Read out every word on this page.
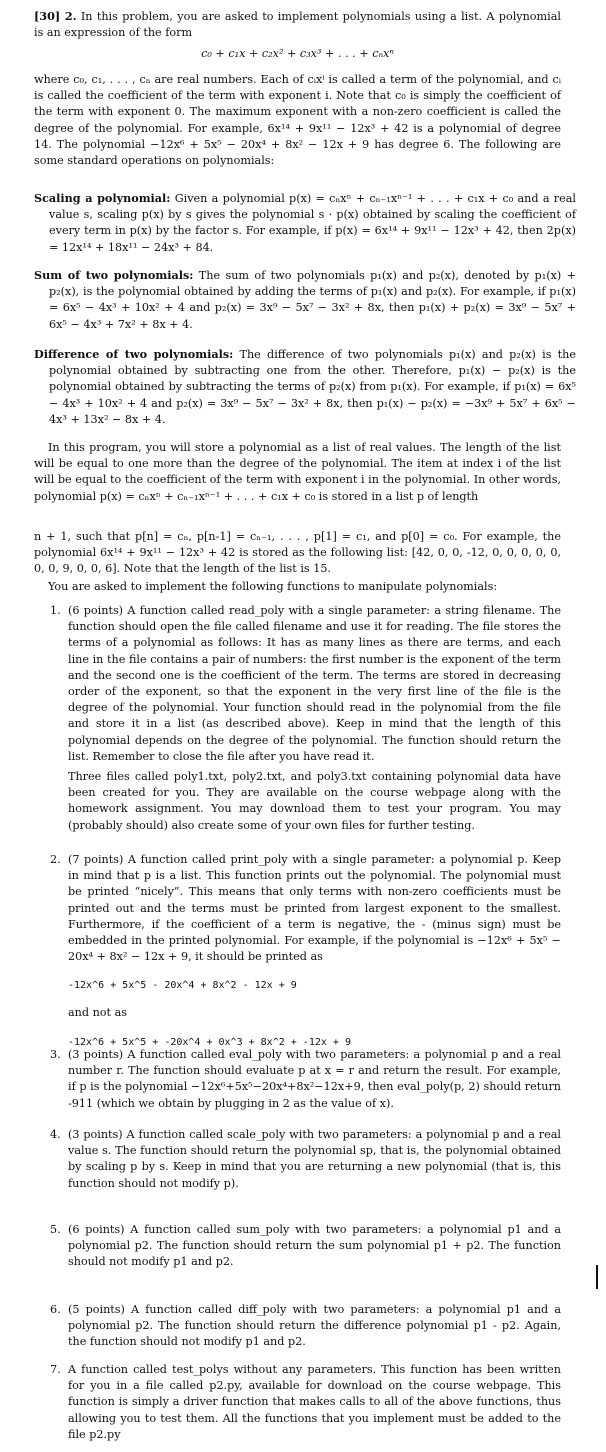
[30] 2. In this problem, you are asked to implement polynomials using a list. A polynomial is an expression of the form
c₀ + c₁x + c₂x² + c₃x³ + . . . + cₙxⁿ
where c₀, c₁, . . . , cₙ are real numbers. Each of cᵢxⁱ is called a term of the polynomial, and cᵢ is called the coefficient of the term with exponent i. Note that c₀ is simply the coefficient of the term with exponent 0. The maximum exponent with a non-zero coefficient is called the degree of the polynomial. For example, 6x¹⁴ + 9x¹¹ − 12x³ + 42 is a polynomial of degree 14. The polynomial −12x⁶ + 5x⁵ − 20x⁴ + 8x² − 12x + 9 has degree 6. The following are some standard operations on polynomials:
Scaling a polynomial: Given a polynomial p(x) = cₙxⁿ + cₙ₋₁xⁿ⁻¹ + . . . + c₁x + c₀ and a real value s, scaling p(x) by s gives the polynomial s · p(x) obtained by scaling the coefficient of every term in p(x) by the factor s. For example, if p(x) = 6x¹⁴ + 9x¹¹ − 12x³ + 42, then 2p(x) = 12x¹⁴ + 18x¹¹ − 24x³ + 84.
Sum of two polynomials: The sum of two polynomials p₁(x) and p₂(x), denoted by p₁(x) + p₂(x), is the polynomial obtained by adding the terms of p₁(x) and p₂(x). For example, if p₁(x) = 6x⁵ − 4x³ + 10x² + 4 and p₂(x) = 3x⁹ − 5x⁷ − 3x² + 8x, then p₁(x) + p₂(x) = 3x⁹ − 5x⁷ + 6x⁵ − 4x³ + 7x² + 8x + 4.
Difference of two polynomials: The difference of two polynomials p₁(x) and p₂(x) is the polynomial obtained by subtracting one from the other. Therefore, p₁(x) − p₂(x) is the polynomial obtained by subtracting the terms of p₂(x) from p₁(x). For example, if p₁(x) = 6x⁵ − 4x³ + 10x² + 4 and p₂(x) = 3x⁹ − 5x⁷ − 3x² + 8x, then p₁(x) − p₂(x) = −3x⁹ + 5x⁷ + 6x⁵ − 4x³ + 13x² − 8x + 4.
In this program, you will store a polynomial as a list of real values. The length of the list will be equal to one more than the degree of the polynomial. The item at index i of the list will be equal to the coefficient of the term with exponent i in the polynomial. In other words, polynomial p(x) = cₙxⁿ + cₙ₋₁xⁿ⁻¹ + . . . + c₁x + c₀ is stored in a list p of length
n + 1, such that p[n] = cₙ, p[n-1] = cₙ₋₁, . . . , p[1] = c₁, and p[0] = c₀. For example, the polynomial 6x¹⁴ + 9x¹¹ − 12x³ + 42 is stored as the following list: [42, 0, 0, -12, 0, 0, 0, 0, 0, 0, 0, 9, 0, 0, 6]. Note that the length of the list is 15.
You are asked to implement the following functions to manipulate polynomials:
1. (6 points) A function called read_poly with a single parameter: a string filename. The function should open the file called filename and use it for reading. The file stores the terms of a polynomial as follows: It has as many lines as there are terms, and each line in the file contains a pair of numbers: the first number is the exponent of the term and the second one is the coefficient of the term. The terms are stored in decreasing order of the exponent, so that the exponent in the very first line of the file is the degree of the polynomial. Your function should read in the polynomial from the file and store it in a list (as described above). Keep in mind that the length of this polynomial depends on the degree of the polynomial. The function should return the list. Remember to close the file after you have read it.
Three files called poly1.txt, poly2.txt, and poly3.txt containing polynomial data have been created for you. They are available on the course webpage along with the homework assignment. You may download them to test your program. You may (probably should) also create some of your own files for further testing.
2. (7 points) A function called print_poly with a single parameter: a polynomial p. Keep in mind that p is a list. This function prints out the polynomial. The polynomial must be printed “nicely”. This means that only terms with non-zero coefficients must be printed out and the terms must be printed from largest exponent to the smallest. Furthermore, if the coefficient of a term is negative, the - (minus sign) must be embedded in the printed polynomial. For example, if the polynomial is −12x⁶ + 5x⁵ − 20x⁴ + 8x² − 12x + 9, it should be printed as
-12x^6 + 5x^5 - 20x^4 + 8x^2 - 12x + 9
and not as
-12x^6 + 5x^5 + -20x^4 + 0x^3 + 8x^2 + -12x + 9
3. (3 points) A function called eval_poly with two parameters: a polynomial p and a real number r. The function should evaluate p at x = r and return the result. For example, if p is the polynomial −12x⁶+5x⁵−20x⁴+8x²−12x+9, then eval_poly(p, 2) should return -911 (which we obtain by plugging in 2 as the value of x).
4. (3 points) A function called scale_poly with two parameters: a polynomial p and a real value s. The function should return the polynomial sp, that is, the polynomial obtained by scaling p by s. Keep in mind that you are returning a new polynomial (that is, this function should not modify p).
5. (6 points) A function called sum_poly with two parameters: a polynomial p1 and a polynomial p2. The function should return the sum polynomial p1 + p2. The function should not modify p1 and p2.
6. (5 points) A function called diff_poly with two parameters: a polynomial p1 and a polynomial p2. The function should return the difference polynomial p1 - p2. Again, the function should not modify p1 and p2.
7. A function called test_polys without any parameters. This function has been written for you in a file called p2.py, available for download on the course webpage. This function is simply a driver function that makes calls to all of the above functions, thus allowing you to test them. All the functions that you implement must be added to the file p2.py
